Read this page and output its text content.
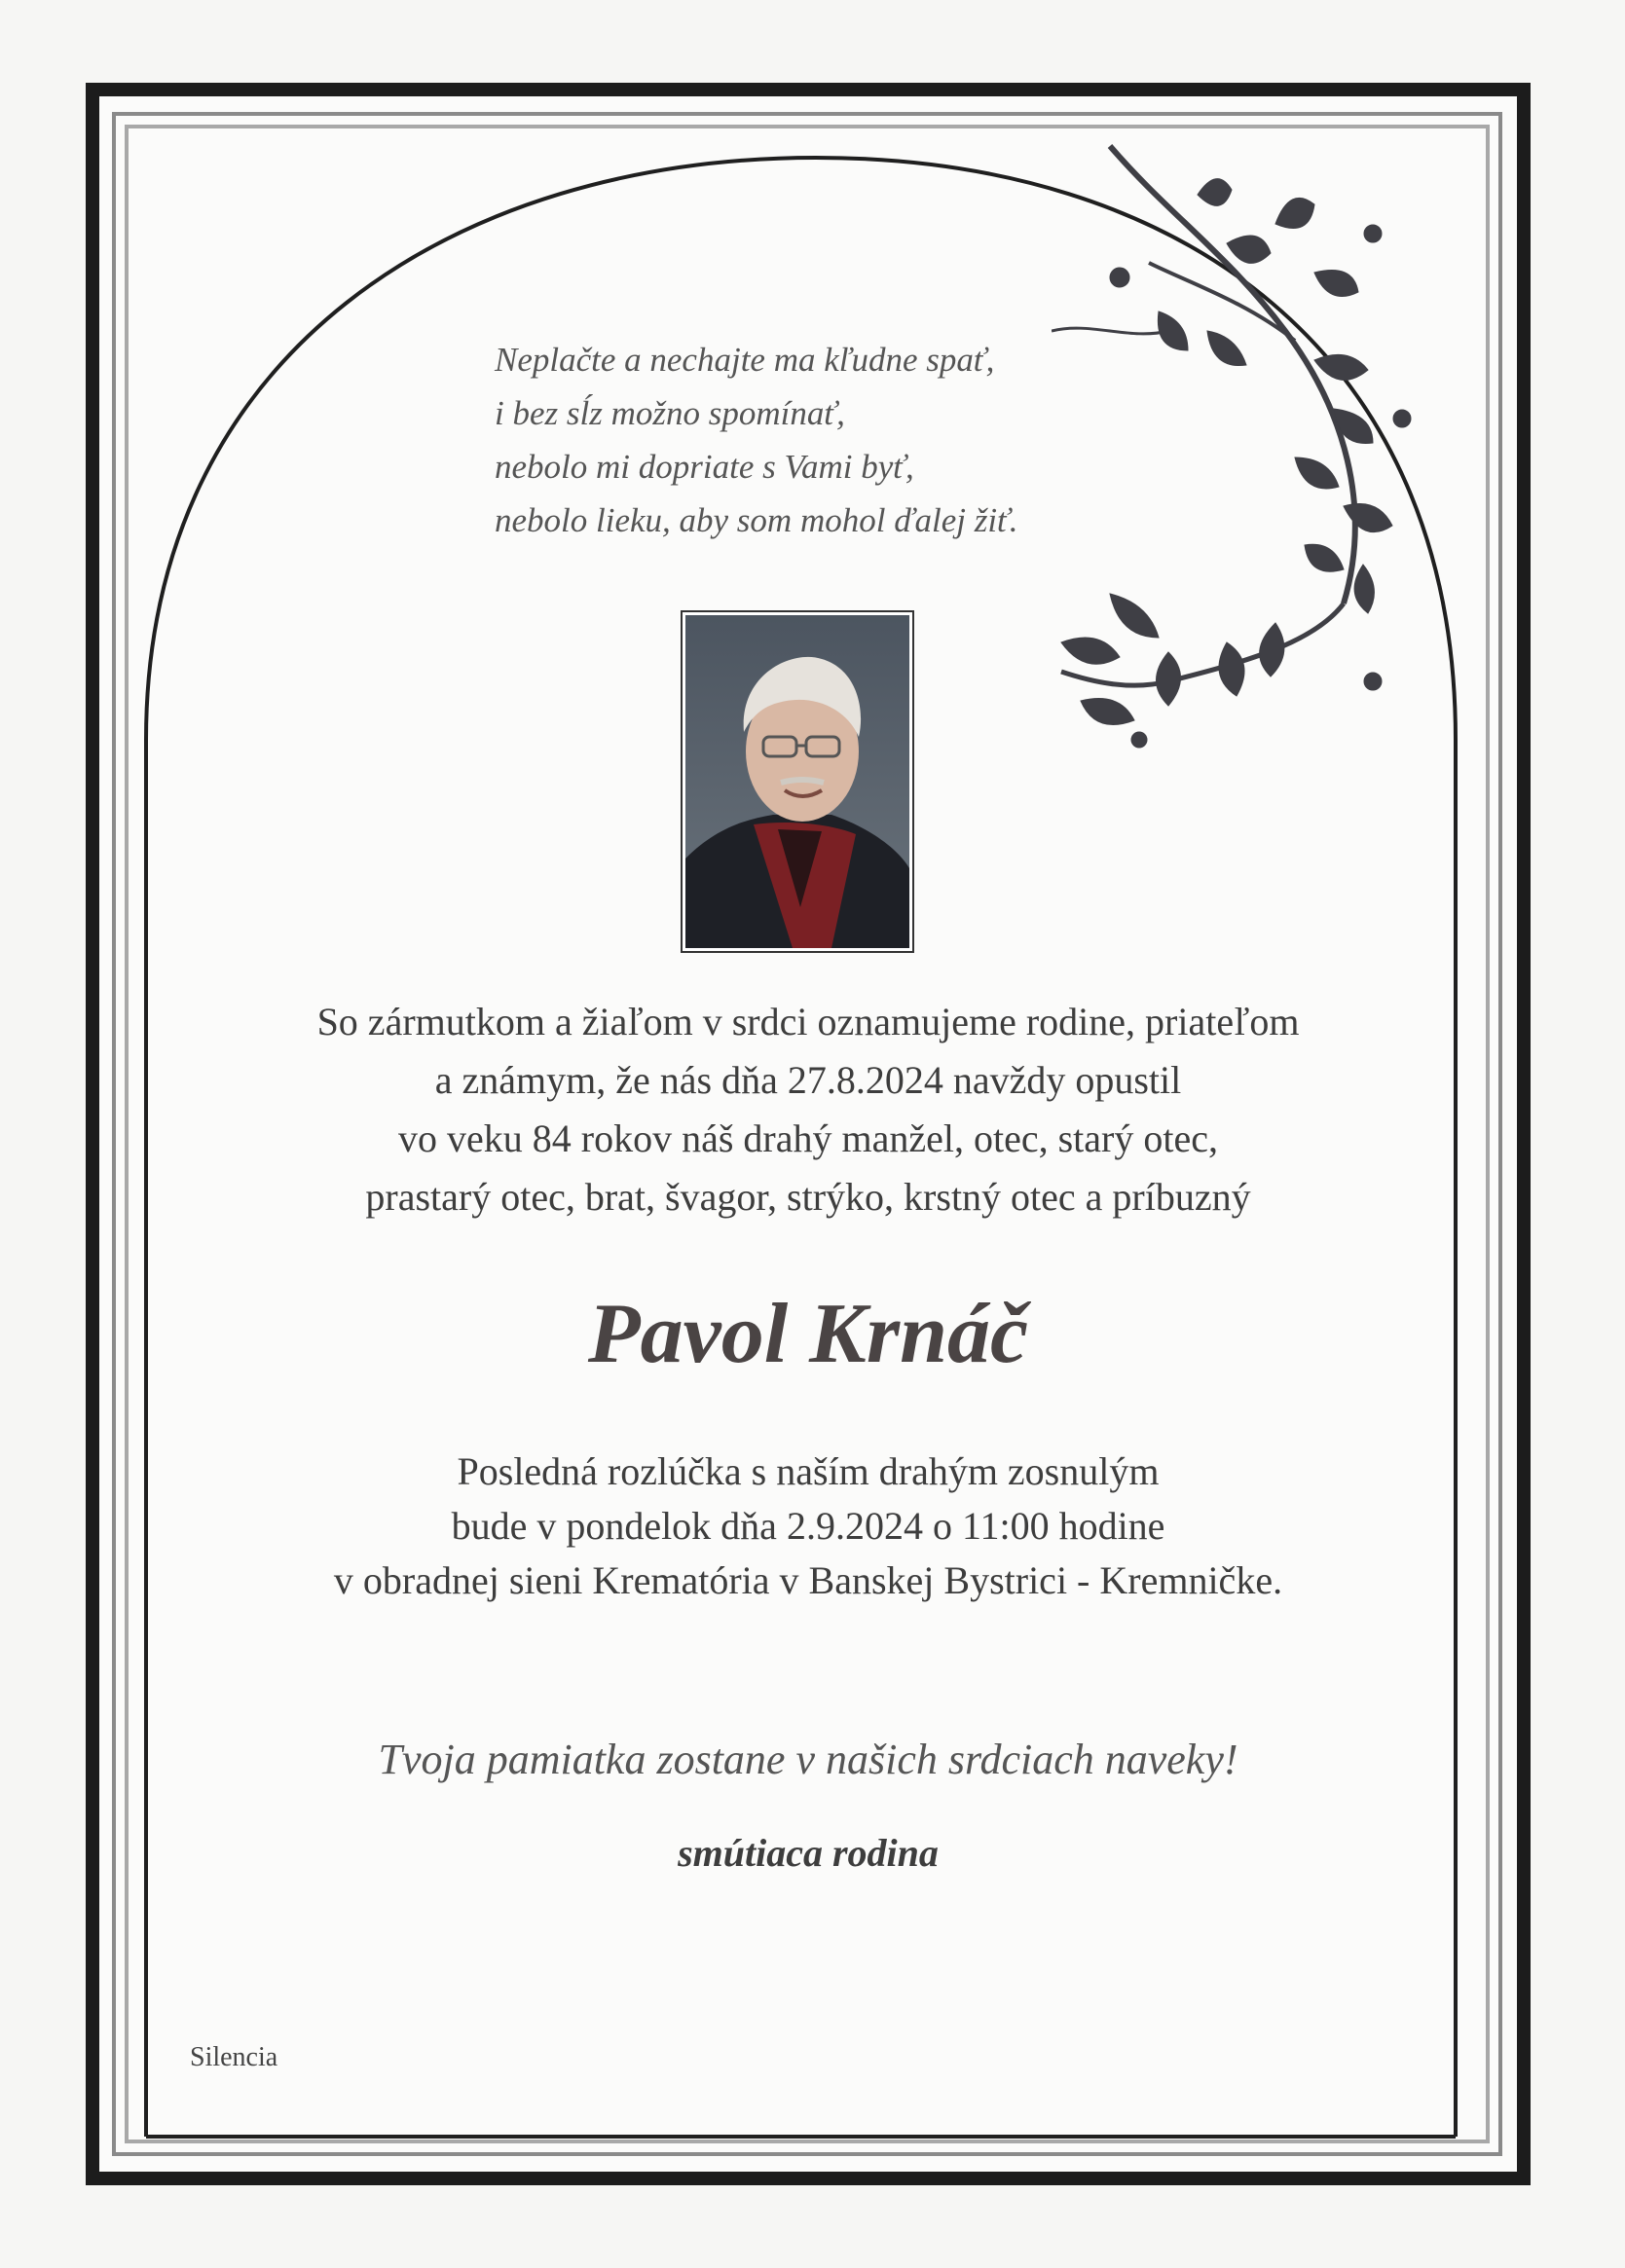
Neplačte a nechajte ma kľudne spať,
i bez sĺz možno spomínať,
nebolo mi dopriate s Vami byť,
nebolo lieku, aby som mohol ďalej žiť.
So zármutkom a žiaľom v srdci oznamujeme rodine, priateľom
a známym, že nás dňa 27.8.2024 navždy opustil
vo veku 84 rokov náš drahý manžel, otec, starý otec,
prastarý otec, brat, švagor, strýko, krstný otec a príbuzný
Pavol Krnáč
Posledná rozlúčka s naším drahým zosnulým
bude v pondelok dňa 2.9.2024 o 11:00 hodine
v obradnej sieni Krematória v Banskej Bystrici - Kremničke.
Tvoja pamiatka zostane v našich srdciach naveky!
smútiaca rodina
Silencia
